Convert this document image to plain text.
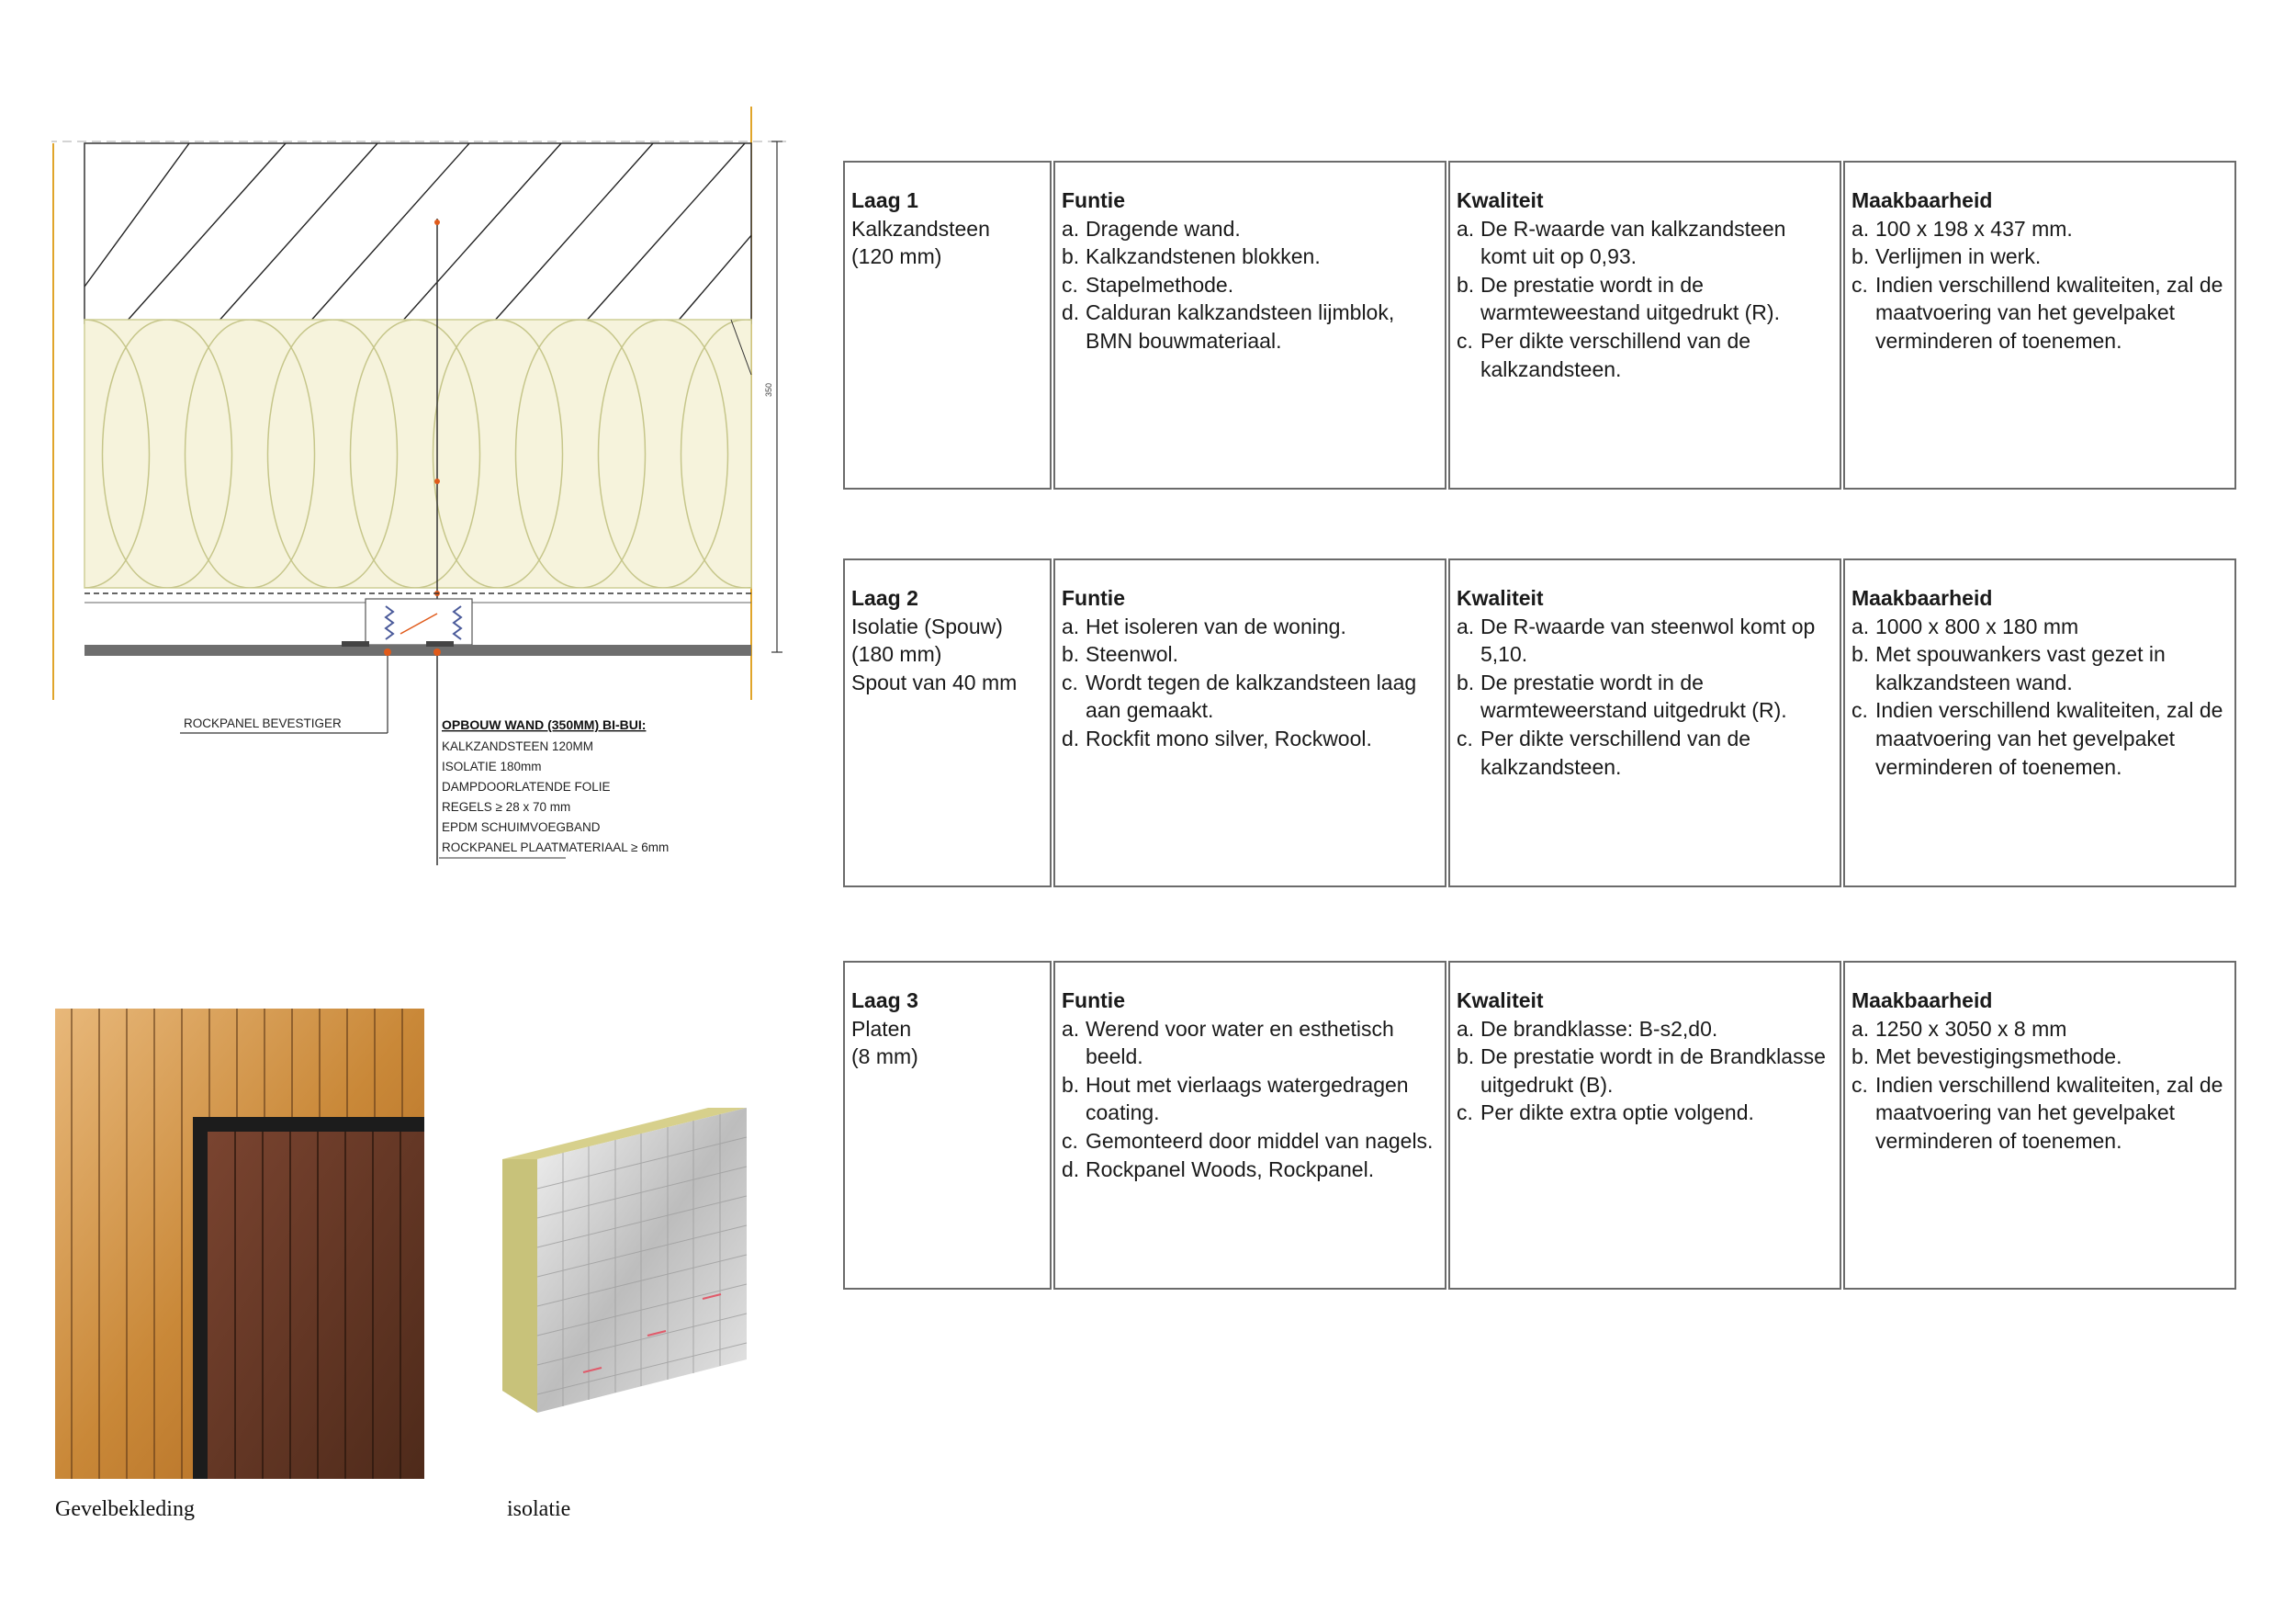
350
ROCKPANEL BEVESTIGER	OPBOUW WAND (350MM) BI-BUI:
KALKZANDSTEEN 120MM
ISOLATIE 180mm
DAMPDOORLATENDE FOLIE
REGELS ≥ 28 x 70 mm
EPDM SCHUIMVOEGBAND
ROCKPANEL PLAATMATERIAAL ≥ 6mm
Gevelbekleding	isolatie
Laag 1
Kalkzandsteen
(120 mm)
Funtie
a. Dragende wand.
b. Kalkzandstenen blokken.
c. Stapelmethode.
d. Calduran kalkzandsteen lijmblok, BMN bouwmateriaal.
Kwaliteit
a. De R-waarde van kalkzandsteen komt uit op 0,93.
b. De prestatie wordt in de warmteweestand uitgedrukt (R).
c. Per dikte verschillend van de kalkzandsteen.
Maakbaarheid
a. 100 x 198 x 437 mm.
b. Verlijmen in werk.
c. Indien verschillend kwaliteiten, zal de maatvoering van het gevelpaket verminderen of toenemen.
Laag 2
Isolatie (Spouw)
(180 mm)
Spout van 40 mm
Funtie
a. Het isoleren van de woning.
b. Steenwol.
c. Wordt tegen de kalkzandsteen laag aan gemaakt.
d. Rockfit mono silver, Rockwool.
Kwaliteit
a. De R-waarde van steenwol komt op 5,10.
b. De prestatie wordt in de warmteweerstand uitgedrukt (R).
c. Per dikte verschillend van de kalkzandsteen.
Maakbaarheid
a. 1000 x 800 x 180 mm
b. Met spouwankers vast gezet in kalkzandsteen wand.
c. Indien verschillend kwaliteiten, zal de maatvoering van het gevelpaket verminderen of toenemen.
Laag 3
Platen
(8 mm)
Funtie
a. Werend voor water en esthetisch beeld.
b. Hout met vierlaags watergedragen coating.
c. Gemonteerd door middel van nagels.
d. Rockpanel Woods, Rockpanel.
Kwaliteit
a. De brandklasse: B-s2,d0.
b. De prestatie wordt in de Brandklasse uitgedrukt (B).
c. Per dikte extra optie volgend.
Maakbaarheid
a. 1250 x 3050 x 8 mm
b. Met bevestigingsmethode.
c. Indien verschillend kwaliteiten, zal de maatvoering van het gevelpaket verminderen of toenemen.
